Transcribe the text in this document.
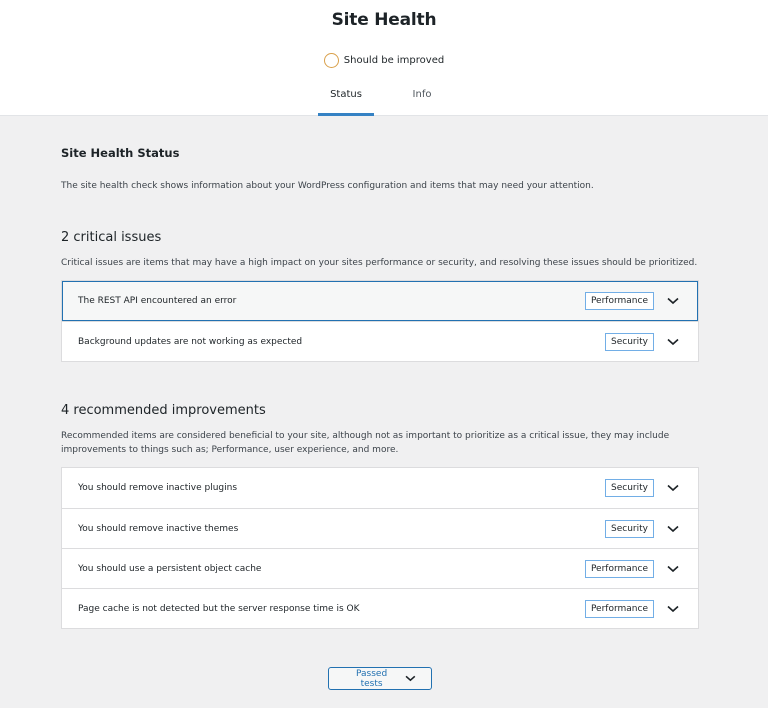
Site Health
Should be improved
Status	Info
Site Health Status

The site health check shows information about your WordPress configuration and items that may need your attention.

2 critical issues

Critical issues are items that may have a high impact on your sites performance or security, and resolving these issues should be prioritized.

The REST API encountered an error	Performance
Background updates are not working as expected	Security
4 recommended improvements

Recommended items are considered beneficial to your site, although not as important to prioritize as a critical issue, they may include improvements to things such as; Performance, user experience, and more.

You should remove inactive plugins	Security
You should remove inactive themes	Security
You should use a persistent object cache	Performance
Page cache is not detected but the server response time is OK	Performance
Passed tests
